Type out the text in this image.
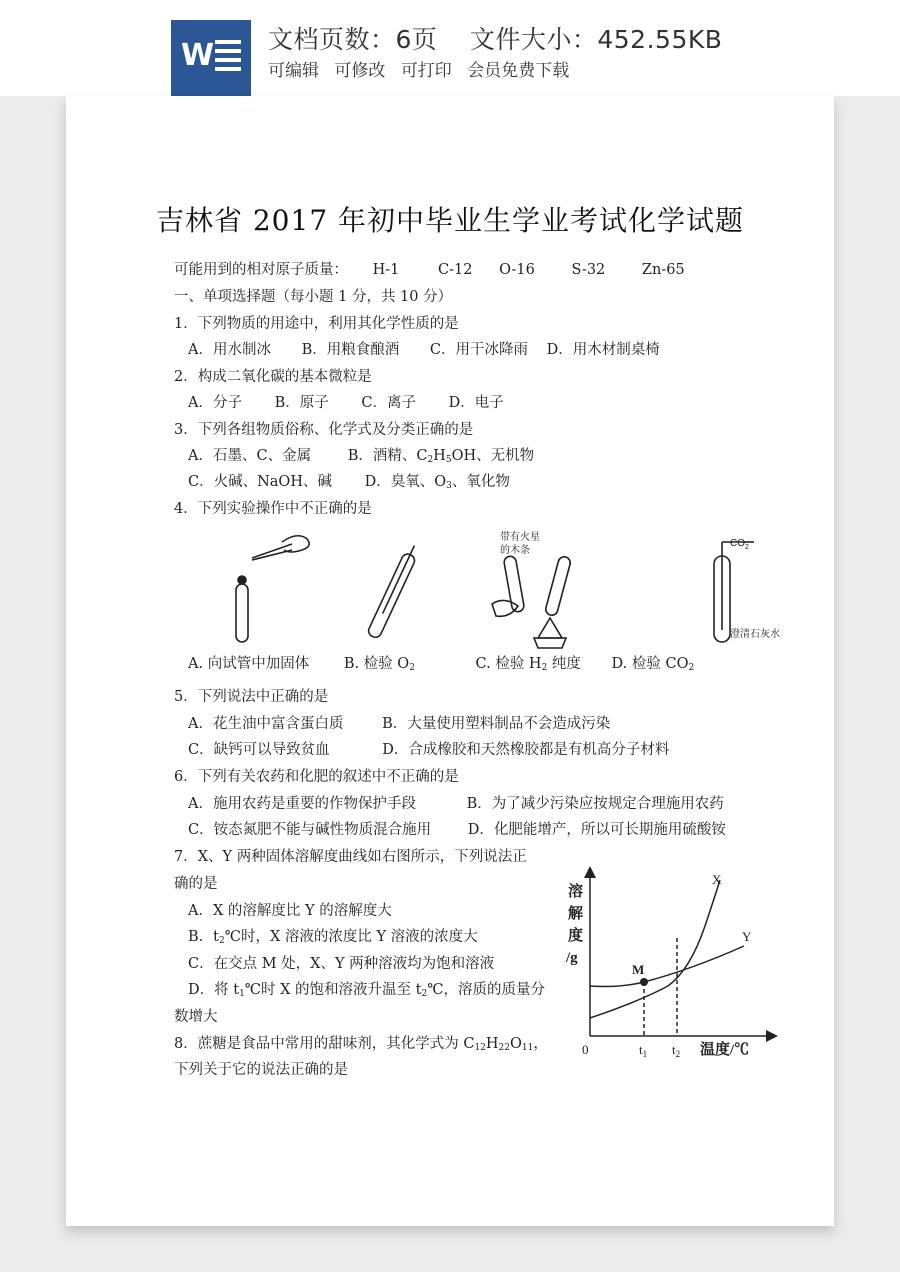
W 文档页数：6页 文件大小：452.55KB
可编辑 可修改 可打印 会员免费下载
吉林省 2017 年初中毕业生学业考试化学试题
可能用到的相对原子质量： H-1	C-12 O-16	S-32	Zn-65
一、单项选择题（每小题 1 分，共 10 分）
1．下列物质的用途中，利用其化学性质的是
A．用水制冰 B．用粮食酿酒 C．用干冰降雨 D．用木材制桌椅
2．构成二氧化碳的基本微粒是
A．分子 B．原子 C．离子 D．电子
3．下列各组物质俗称、化学式及分类正确的是
A．石墨、C、金属	B．酒精、$C_2H_5OH$、无机物
C．火碱、NaOH、碱 D．臭氧、$O_3$、氧化物
4．下列实验操作中不正确的是
带有火星
的木条
$CO_2$
澄清石灰水
A. 向试管中加固体 B. 检验 $O_2$	C. 检验 $H_2$ 纯度 D. 检验 $CO_2$
5．下列说法中正确的是
A．花生油中富含蛋白质	B．大量使用塑料制品不会造成污染
C．缺钙可以导致贫血	D．合成橡胶和天然橡胶都是有机高分子材料
6．下列有关农药和化肥的叙述中不正确的是
A．施用农药是重要的作物保护手段	B．为了减少污染应按规定合理施用农药
C．铵态氮肥不能与碱性物质混合施用	D．化肥能增产，所以可长期施用硫酸铵
7．X、Y 两种固体溶解度曲线如右图所示，下列说法正
确的是
A．X 的溶解度比 Y 的溶解度大
B．$t_2℃$时，X 溶液的浓度比 Y 溶液的浓度大
C．在交点 M 处，X、Y 两种溶液均为饱和溶液
D．将 $t_1℃$时 X 的饱和溶液升温至 $t_2℃$，溶质的质量分
数增大
8．蔗糖是食品中常用的甜味剂，其化学式为 $C_{12}H_{22}O_{11}$，
下列关于它的说法正确的是
溶
解
度
/g
X
Y
M
0	$t_1$ $t_2$ 温度/℃
